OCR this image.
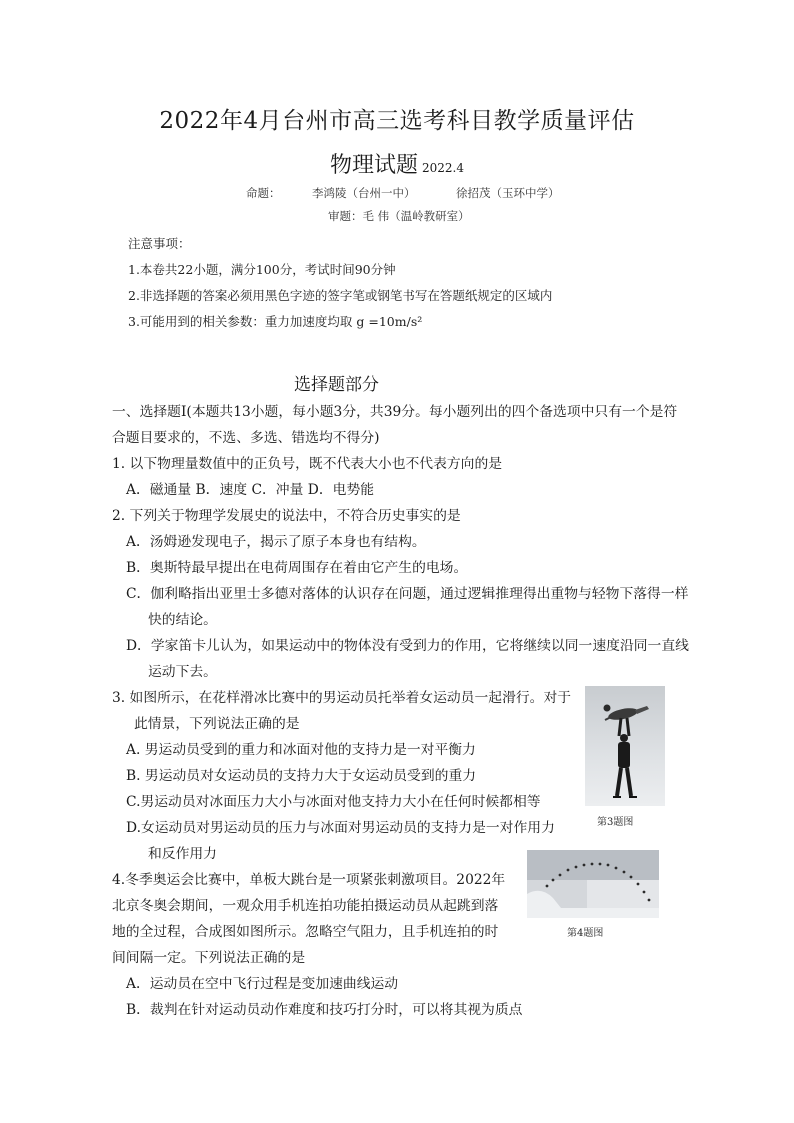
2022年4月台州市高三选考科目教学质量评估
物理试题 2022.4
命题：	李鸿陵（台州一中）	徐招茂（玉环中学）
审题：毛 伟（温岭教研室）
注意事项：
1.本卷共22小题，满分100分，考试时间90分钟
2.非选择题的答案必须用黑色字迹的签字笔或钢笔书写在答题纸规定的区域内
3.可能用到的相关参数：重力加速度均取 g =10m/s²
选择题部分
一、选择题Ⅰ(本题共13小题，每小题3分，共39分。每小题列出的四个备选项中只有一个是符
合题目要求的，不选、多选、错选均不得分)
1. 以下物理量数值中的正负号，既不代表大小也不代表方向的是
A．磁通量 B．速度 C．冲量 D．电势能
2. 下列关于物理学发展史的说法中，不符合历史事实的是
A．汤姆逊发现电子，揭示了原子本身也有结构。
B．奥斯特最早提出在电荷周围存在着由它产生的电场。
C．伽利略指出亚里士多德对落体的认识存在问题，通过逻辑推理得出重物与轻物下落得一样
快的结论。
D．学家笛卡儿认为，如果运动中的物体没有受到力的作用，它将继续以同一速度沿同一直线
运动下去。
3. 如图所示，在花样滑冰比赛中的男运动员托举着女运动员一起滑行。对于
此情景，下列说法正确的是
A. 男运动员受到的重力和冰面对他的支持力是一对平衡力
B. 男运动员对女运动员的支持力大于女运动员受到的重力
C.男运动员对冰面压力大小与冰面对他支持力大小在任何时候都相等
D.女运动员对男运动员的压力与冰面对男运动员的支持力是一对作用力
和反作用力
第3题图
4.冬季奥运会比赛中，单板大跳台是一项紧张刺激项目。2022年
北京冬奥会期间，一观众用手机连拍功能拍摄运动员从起跳到落
地的全过程，合成图如图所示。忽略空气阻力，且手机连拍的时
间间隔一定。下列说法正确的是
A．运动员在空中飞行过程是变加速曲线运动
B．裁判在针对运动员动作难度和技巧打分时，可以将其视为质点
第4题图
